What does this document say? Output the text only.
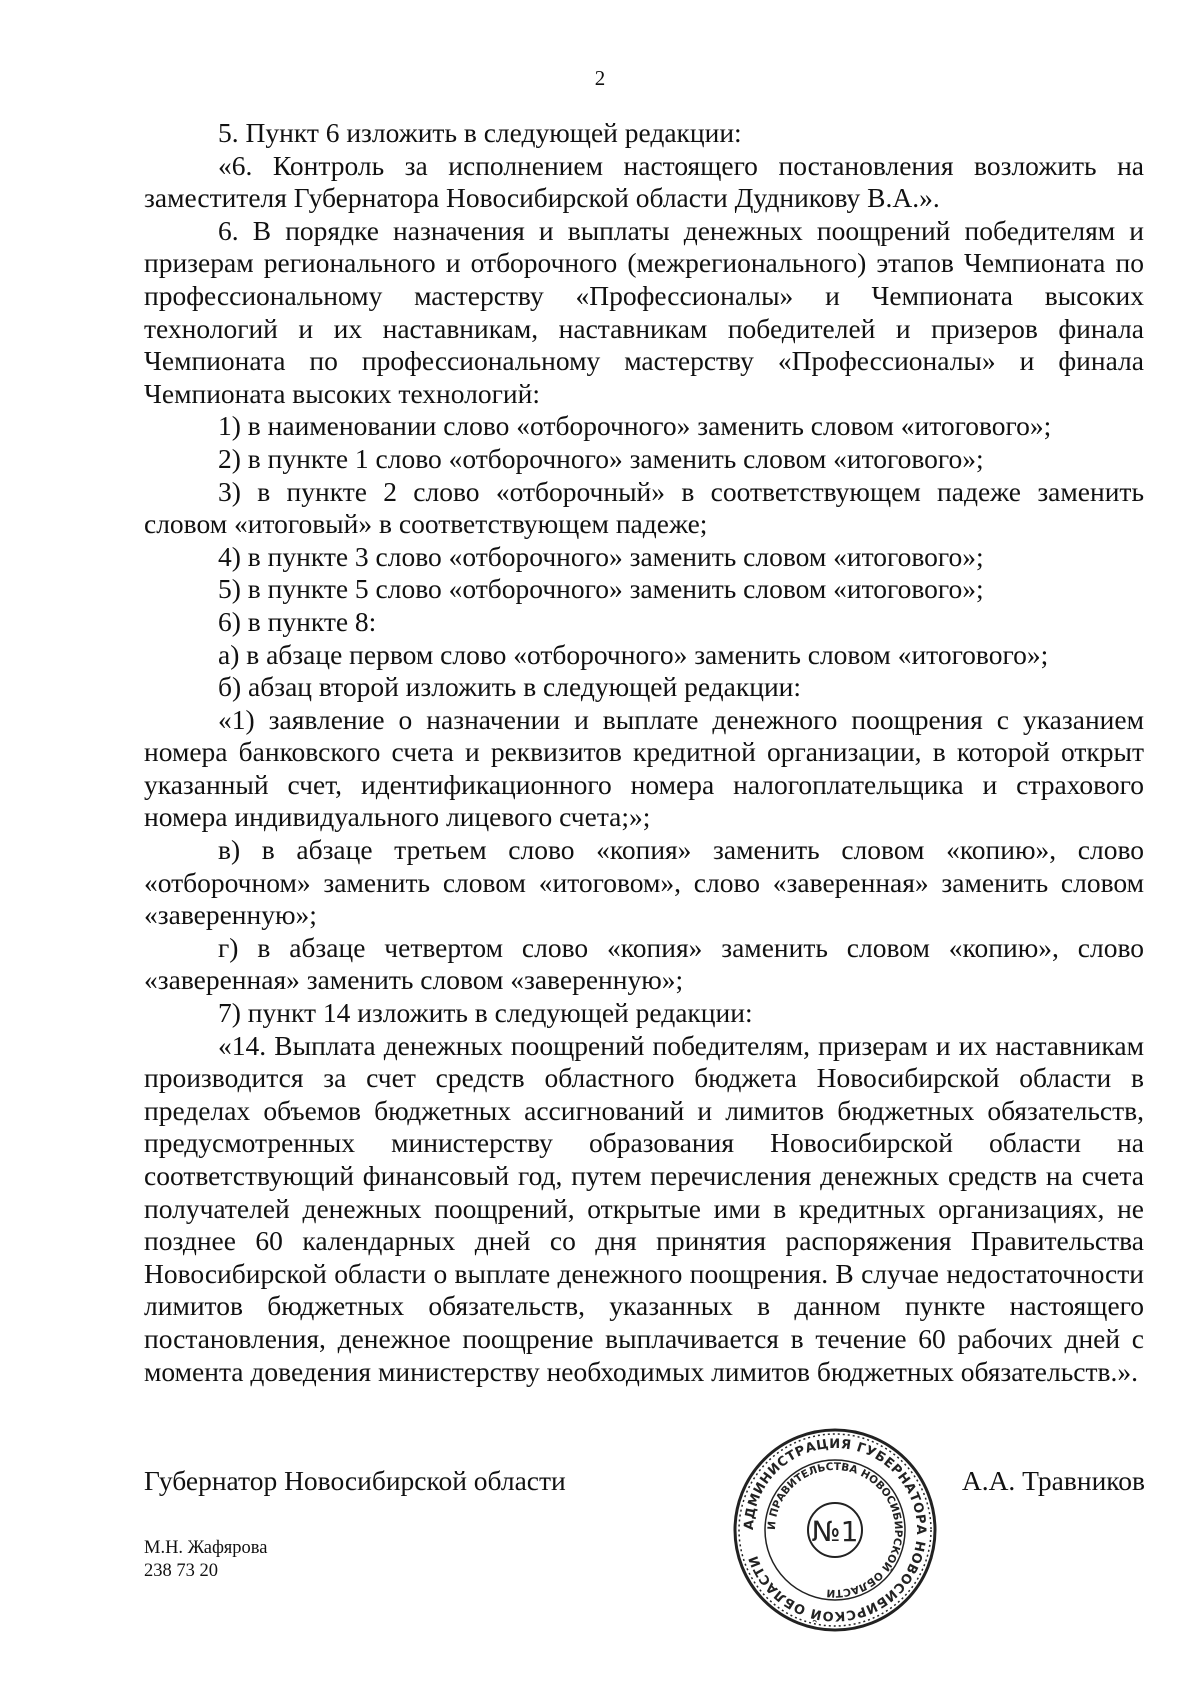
2

5. Пункт 6 изложить в следующей редакции:

«6. Контроль за исполнением настоящего постановления возложить на заместителя Губернатора Новосибирской области Дудникову В.А.».

6. В порядке назначения и выплаты денежных поощрений победителям и призерам регионального и отборочного (межрегионального) этапов Чемпионата по профессиональному мастерству «Профессионалы» и Чемпионата высоких технологий и их наставникам, наставникам победителей и призеров финала Чемпионата по профессиональному мастерству «Профессионалы» и финала Чемпионата высоких технологий:

1) в наименовании слово «отборочного» заменить словом «итогового»;

2) в пункте 1 слово «отборочного» заменить словом «итогового»;

3) в пункте 2 слово «отборочный» в соответствующем падеже заменить словом «итоговый» в соответствующем падеже;

4) в пункте 3 слово «отборочного» заменить словом «итогового»;

5) в пункте 5 слово «отборочного» заменить словом «итогового»;

6) в пункте 8:

а) в абзаце первом слово «отборочного» заменить словом «итогового»;

б) абзац второй изложить в следующей редакции:

«1) заявление о назначении и выплате денежного поощрения с указанием номера банковского счета и реквизитов кредитной организации, в которой открыт указанный счет, идентификационного номера налогоплательщика и страхового номера индивидуального лицевого счета;»;

в) в абзаце третьем слово «копия» заменить словом «копию», слово «отборочном» заменить словом «итоговом», слово «заверенная» заменить словом «заверенную»;

г) в абзаце четвертом слово «копия» заменить словом «копию», слово «заверенная» заменить словом «заверенную»;

7) пункт 14 изложить в следующей редакции:

«14. Выплата денежных поощрений победителям, призерам и их наставникам производится за счет средств областного бюджета Новосибирской области в пределах объемов бюджетных ассигнований и лимитов бюджетных обязательств, предусмотренных министерству образования Новосибирской области на соответствующий финансовый год, путем перечисления денежных средств на счета получателей денежных поощрений, открытые ими в кредитных организациях, не позднее 60 календарных дней со дня принятия распоряжения Правительства Новосибирской области о выплате денежного поощрения. В случае недостаточности лимитов бюджетных обязательств, указанных в данном пункте настоящего постановления, денежное поощрение выплачивается в течение 60 рабочих дней с момента доведения министерству необходимых лимитов бюджетных обязательств.».

Губернатор Новосибирской области	А.А. Травников
М.Н. Жафярова
238 73 20
АДМИНИСТРАЦИЯ ГУБЕРНАТОРА НОВОСИБИРСКОЙ ОБЛАСТИ
И ПРАВИТЕЛЬСТВА НОВОСИБИРСКОЙ ОБЛАСТИ
№1
